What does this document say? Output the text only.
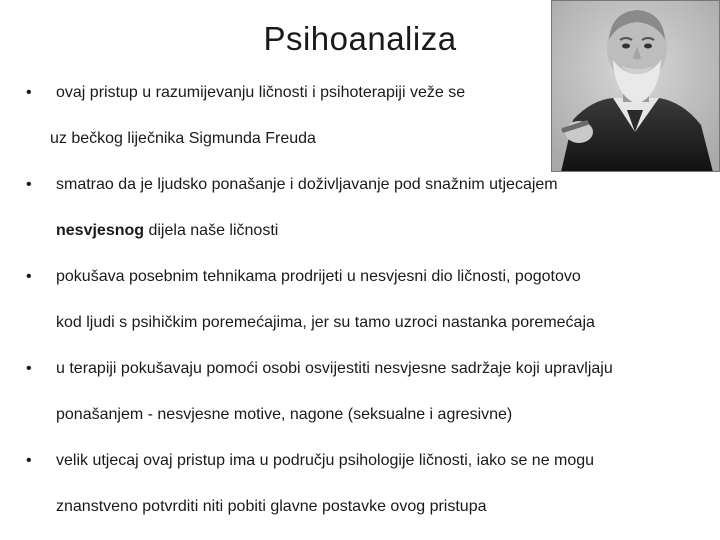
Psihoanaliza
•	ovaj pristup u razumijevanju ličnosti i psihoterapiji veže se
uz bečkog liječnika Sigmunda Freuda
•	smatrao da je ljudsko ponašanje i doživljavanje pod snažnim utjecajem
nesvjesnog dijela naše ličnosti
•	pokušava posebnim tehnikama prodrijeti u nesvjesni dio ličnosti, pogotovo
kod ljudi s psihičkim poremećajima, jer su tamo uzroci nastanka poremećaja
•	u terapiji pokušavaju pomoći osobi osvijestiti nesvjesne sadržaje koji upravljaju
ponašanjem - nesvjesne motive, nagone (seksualne i agresivne)
•	velik utjecaj ovaj pristup ima u području psihologije ličnosti, iako se ne mogu
znanstveno potvrditi niti pobiti glavne postavke ovog pristupa
